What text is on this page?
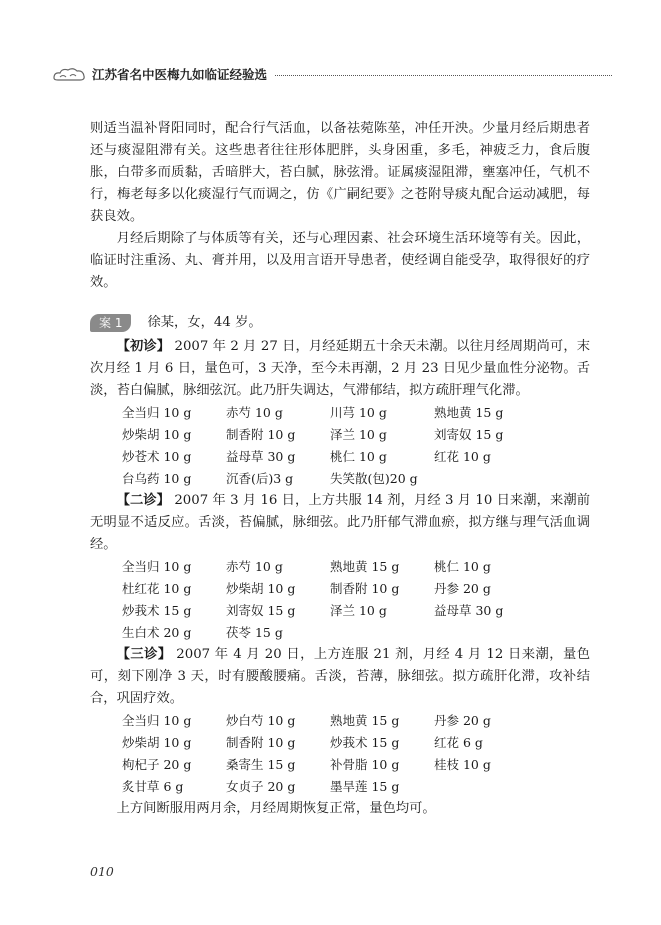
江苏省名中医梅九如临证经验选

则适当温补肾阳同时，配合行气活血，以备祛菀陈莝，冲任开泱。少量月经后期患者还与痰湿阻滞有关。这些患者往往形体肥胖，头身困重，多毛，神疲乏力，食后腹胀，白带多而质黏，舌暗胖大，苔白腻，脉弦滑。证属痰湿阻滞，壅塞冲任，气机不行，梅老每多以化痰湿行气而调之，仿《广嗣纪要》之苍附导痰丸配合运动减肥，每获良效。

月经后期除了与体质等有关，还与心理因素、社会环境生活环境等有关。因此，临证时注重汤、丸、膏并用，以及用言语开导患者，使经调自能受孕，取得很好的疗效。

案 1	徐某，女，44 岁。

【初诊】 2007 年 2 月 27 日，月经延期五十余天未潮。以往月经周期尚可，末次月经 1 月 6 日，量色可，3 天净，至今未再潮，2 月 23 日见少量血性分泌物。舌淡，苔白偏腻，脉细弦沉。此乃肝失调达，气滞郁结，拟方疏肝理气化滞。

全当归 10 g	赤芍 10 g	川芎 10 g	熟地黄 15 g
炒柴胡 10 g	制香附 10 g	泽兰 10 g	刘寄奴 15 g
炒苍术 10 g	益母草 30 g	桃仁 10 g	红花 10 g
台乌药 10 g	沉香(后)3 g	失笑散(包)20 g

【二诊】 2007 年 3 月 16 日，上方共服 14 剂，月经 3 月 10 日来潮，来潮前无明显不适反应。舌淡，苔偏腻，脉细弦。此乃肝郁气滞血瘀，拟方继与理气活血调经。

全当归 10 g	赤芍 10 g	熟地黄 15 g	桃仁 10 g
杜红花 10 g	炒柴胡 10 g	制香附 10 g	丹参 20 g
炒莪术 15 g	刘寄奴 15 g	泽兰 10 g	益母草 30 g
生白术 20 g	茯苓 15 g

【三诊】 2007 年 4 月 20 日，上方连服 21 剂，月经 4 月 12 日来潮，量色可，刻下刚净 3 天，时有腰酸腰痛。舌淡，苔薄，脉细弦。拟方疏肝化滞，攻补结合，巩固疗效。

全当归 10 g	炒白芍 10 g	熟地黄 15 g	丹参 20 g
炒柴胡 10 g	制香附 10 g	炒莪术 15 g	红花 6 g
枸杞子 20 g	桑寄生 15 g	补骨脂 10 g	桂枝 10 g
炙甘草 6 g	女贞子 20 g	墨旱莲 15 g

上方间断服用两月余，月经周期恢复正常，量色均可。

010
